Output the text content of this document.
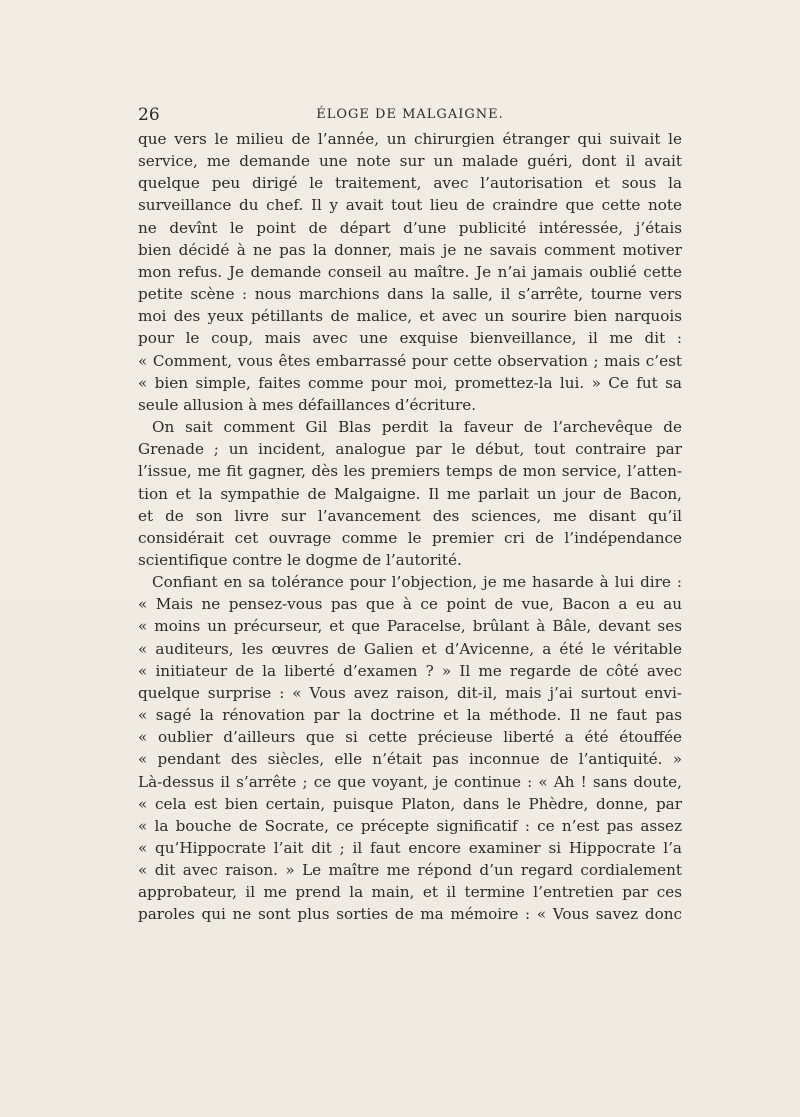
26	ÉLOGE DE MALGAIGNE.
que vers le milieu de l’année, un chirurgien étranger qui suivait le
service, me demande une note sur un malade guéri, dont il avait
quelque peu dirigé le traitement, avec l’autorisation et sous la
surveillance du chef. Il y avait tout lieu de craindre que cette note
ne devînt le point de départ d’une publicité intéressée, j’étais
bien décidé à ne pas la donner, mais je ne savais comment motiver
mon refus. Je demande conseil au maître. Je n’ai jamais oublié cette
petite scène : nous marchions dans la salle, il s’arrête, tourne vers
moi des yeux pétillants de malice, et avec un sourire bien narquois
pour le coup, mais avec une exquise bienveillance, il me dit :
« Comment, vous êtes embarrassé pour cette observation ; mais c’est
« bien simple, faites comme pour moi, promettez-la lui. » Ce fut sa
seule allusion à mes défaillances d’écriture.
On sait comment Gil Blas perdit la faveur de l’archevêque de
Grenade ; un incident, analogue par le début, tout contraire par
l’issue, me fit gagner, dès les premiers temps de mon service, l’atten-
tion et la sympathie de Malgaigne. Il me parlait un jour de Bacon,
et de son livre sur l’avancement des sciences, me disant qu’il
considérait cet ouvrage comme le premier cri de l’indépendance
scientifique contre le dogme de l’autorité.
Confiant en sa tolérance pour l’objection, je me hasarde à lui dire :
« Mais ne pensez-vous pas que à ce point de vue, Bacon a eu au
« moins un précurseur, et que Paracelse, brûlant à Bâle, devant ses
« auditeurs, les œuvres de Galien et d’Avicenne, a été le véritable
« initiateur de la liberté d’examen ? » Il me regarde de côté avec
quelque surprise : « Vous avez raison, dit-il, mais j’ai surtout envi-
« sagé la rénovation par la doctrine et la méthode. Il ne faut pas
« oublier d’ailleurs que si cette précieuse liberté a été étouffée
« pendant des siècles, elle n’était pas inconnue de l’antiquité. »
Là-dessus il s’arrête ; ce que voyant, je continue : « Ah ! sans doute,
« cela est bien certain, puisque Platon, dans le Phèdre, donne, par
« la bouche de Socrate, ce précepte significatif : ce n’est pas assez
« qu’Hippocrate l’ait dit ; il faut encore examiner si Hippocrate l’a
« dit avec raison. » Le maître me répond d’un regard cordialement
approbateur, il me prend la main, et il termine l’entretien par ces
paroles qui ne sont plus sorties de ma mémoire : « Vous savez donc
